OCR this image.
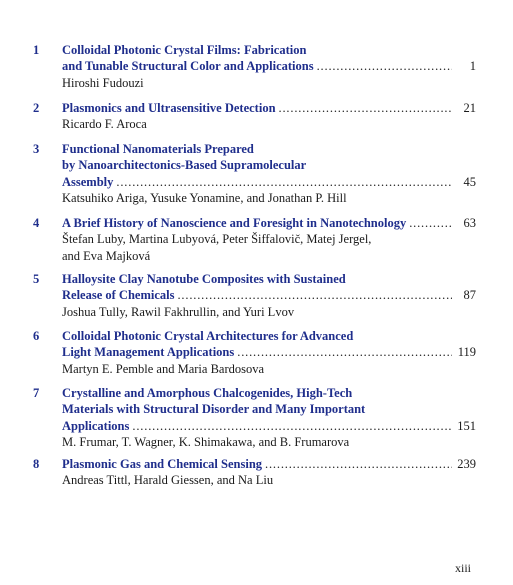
1 Colloidal Photonic Crystal Films: Fabrication
and Tunable Structural Color and Applications . . .	1
Hiroshi Fudouzi
2 Plasmonics and Ultrasensitive Detection . . .	21
Ricardo F. Aroca
3 Functional Nanomaterials Prepared
by Nanoarchitectonics-Based Supramolecular
Assembly . . .	45
Katsuhiko Ariga, Yusuke Yonamine, and Jonathan P. Hill
4 A Brief History of Nanoscience and Foresight in Nanotechnology . . .	63
Štefan Luby, Martina Lubyová, Peter Šiffalovič, Matej Jergel,
and Eva Majková
5 Halloysite Clay Nanotube Composites with Sustained
Release of Chemicals . . .	87
Joshua Tully, Rawil Fakhrullin, and Yuri Lvov
6 Colloidal Photonic Crystal Architectures for Advanced
Light Management Applications . . .	119
Martyn E. Pemble and Maria Bardosova
7 Crystalline and Amorphous Chalcogenides, High-Tech
Materials with Structural Disorder and Many Important
Applications . . .	151
M. Frumar, T. Wagner, K. Shimakawa, and B. Frumarova
8 Plasmonic Gas and Chemical Sensing . . .	239
Andreas Tittl, Harald Giessen, and Na Liu
xiii
